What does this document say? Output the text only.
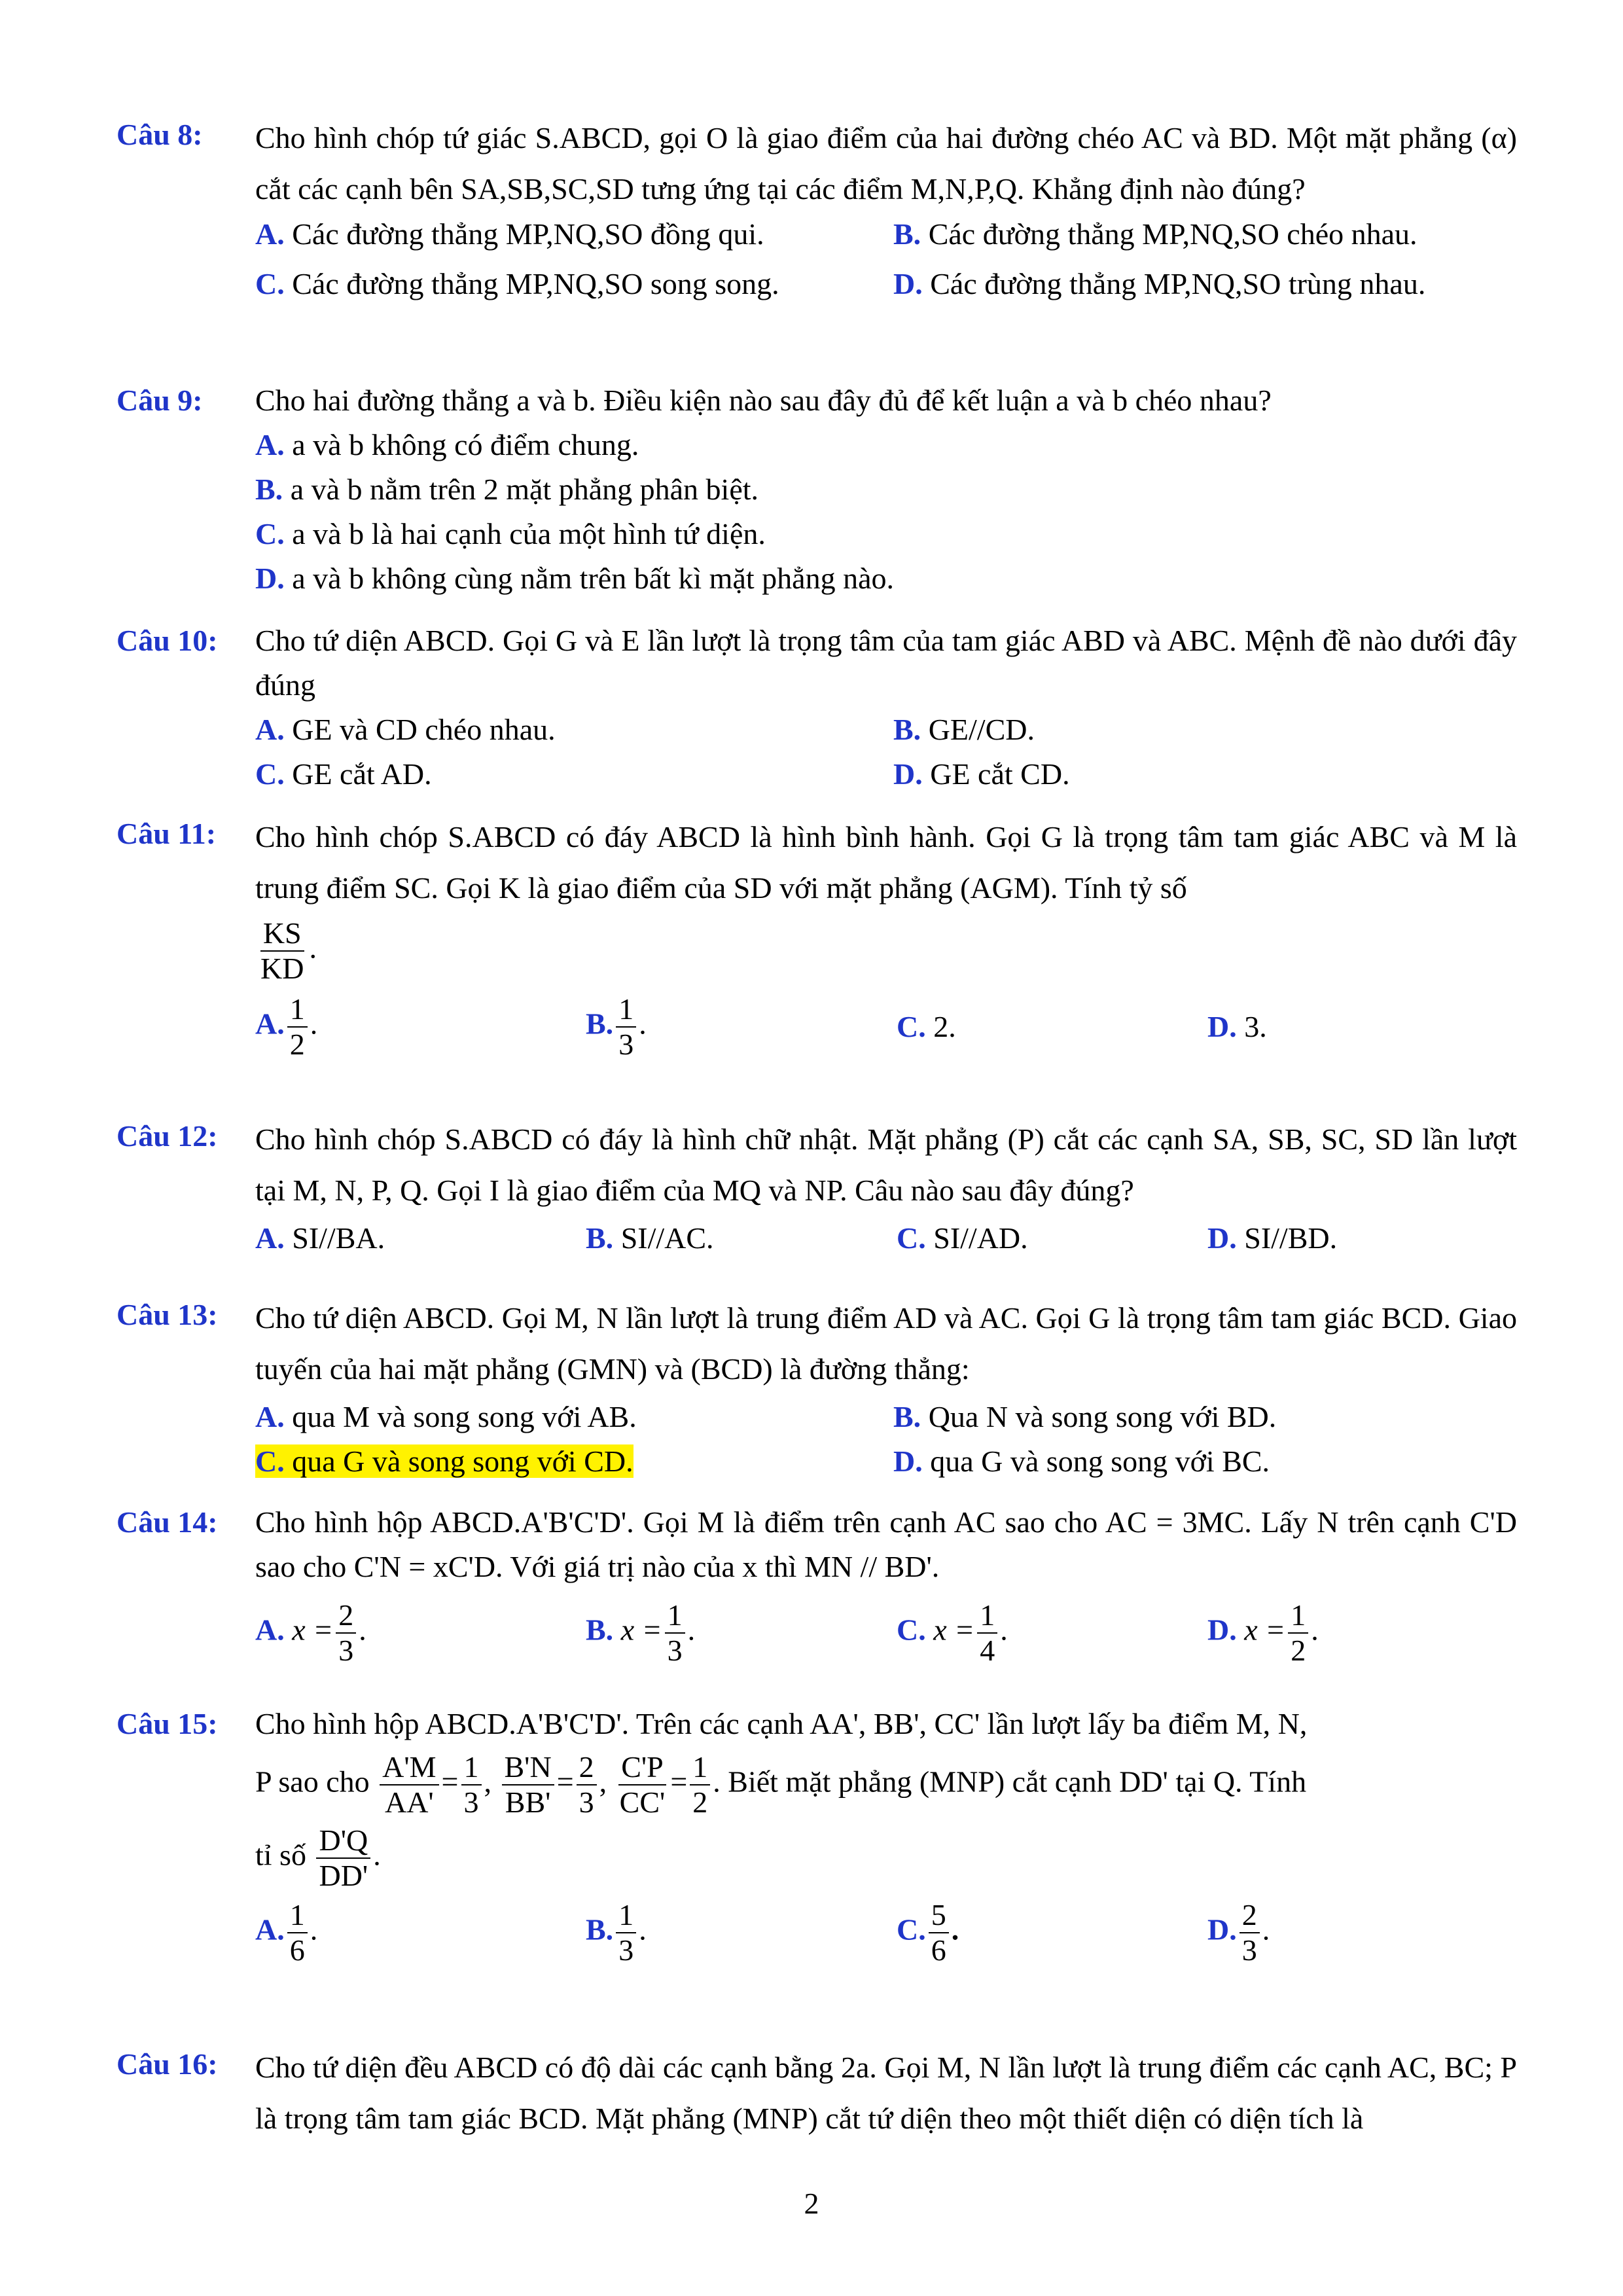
Câu 8: Cho hình chóp tứ giác S.ABCD, gọi O là giao điểm của hai đường chéo AC và BD. Một mặt phẳng (α) cắt các cạnh bên SA,SB,SC,SD tưng ứng tại các điểm M,N,P,Q. Khẳng định nào đúng?
A. Các đường thẳng MP,NQ,SO đồng qui.	B. Các đường thẳng MP,NQ,SO chéo nhau.
C. Các đường thẳng MP,NQ,SO song song.	D. Các đường thẳng MP,NQ,SO trùng nhau.
Câu 9: Cho hai đường thẳng a và b. Điều kiện nào sau đây đủ để kết luận a và b chéo nhau?
A. a và b không có điểm chung.
B. a và b nằm trên 2 mặt phẳng phân biệt.
C. a và b là hai cạnh của một hình tứ diện.
D. a và b không cùng nằm trên bất kì mặt phẳng nào.
Câu 10: Cho tứ diện ABCD. Gọi G và E lần lượt là trọng tâm của tam giác ABD và ABC. Mệnh đề nào dưới đây đúng
A. GE và CD chéo nhau.	B. GE//CD.
C. GE cắt AD.	D. GE cắt CD.
Câu 11: Cho hình chóp S.ABCD có đáy ABCD là hình bình hành. Gọi G là trọng tâm tam giác ABC và M là trung điểm SC. Gọi K là giao điểm của SD với mặt phẳng (AGM). Tính tỷ số
$\frac{KS}{KD}$ .
A. $\frac{1}{2}$ .	B. $\frac{1}{3}$ .	C. 2.	D. 3.
Câu 12: Cho hình chóp S.ABCD có đáy là hình chữ nhật. Mặt phẳng (P) cắt các cạnh SA, SB, SC, SD lần lượt tại M, N, P, Q. Gọi I là giao điểm của MQ và NP. Câu nào sau đây đúng?
A. SI//BA.	B. SI//AC.	C. SI//AD.	D. SI//BD.
Câu 13: Cho tứ diện ABCD. Gọi M, N lần lượt là trung điểm AD và AC. Gọi G là trọng tâm tam giác BCD. Giao tuyến của hai mặt phẳng (GMN) và (BCD) là đường thẳng:
A. qua M và song song với AB.	B. Qua N và song song với BD.
C. qua G và song song với CD.	D. qua G và song song với BC.
Câu 14: Cho hình hộp ABCD.A'B'C'D'. Gọi M là điểm trên cạnh AC sao cho AC = 3MC. Lấy N trên cạnh C'D sao cho C'N = xC'D. Với giá trị nào của x thì MN // BD'.
A. $x = \frac{2}{3}$ .	B. $x = \frac{1}{3}$ .	C. $x = \frac{1}{4}$ .	D. $x = \frac{1}{2}$ .
Câu 15: Cho hình hộp ABCD.A'B'C'D'. Trên các cạnh AA', BB', CC' lần lượt lấy ba điểm M, N,
P sao cho $\frac{A'M}{AA'} = \frac{1}{3}$ , $\frac{B'N}{BB'} = \frac{2}{3}$ , $\frac{C'P}{CC'} = \frac{1}{2}$ . Biết mặt phẳng (MNP) cắt cạnh DD' tại Q. Tính
tỉ số $\frac{D'Q}{DD'}$ .
A. $\frac{1}{6}$ .	B. $\frac{1}{3}$ .	C. $\frac{5}{6}$ .	D. $\frac{2}{3}$ .
Câu 16: Cho tứ diện đều ABCD có độ dài các cạnh bằng 2a. Gọi M, N lần lượt là trung điểm các cạnh AC, BC; P là trọng tâm tam giác BCD. Mặt phẳng (MNP) cắt tứ diện theo một thiết diện có diện tích là
2
